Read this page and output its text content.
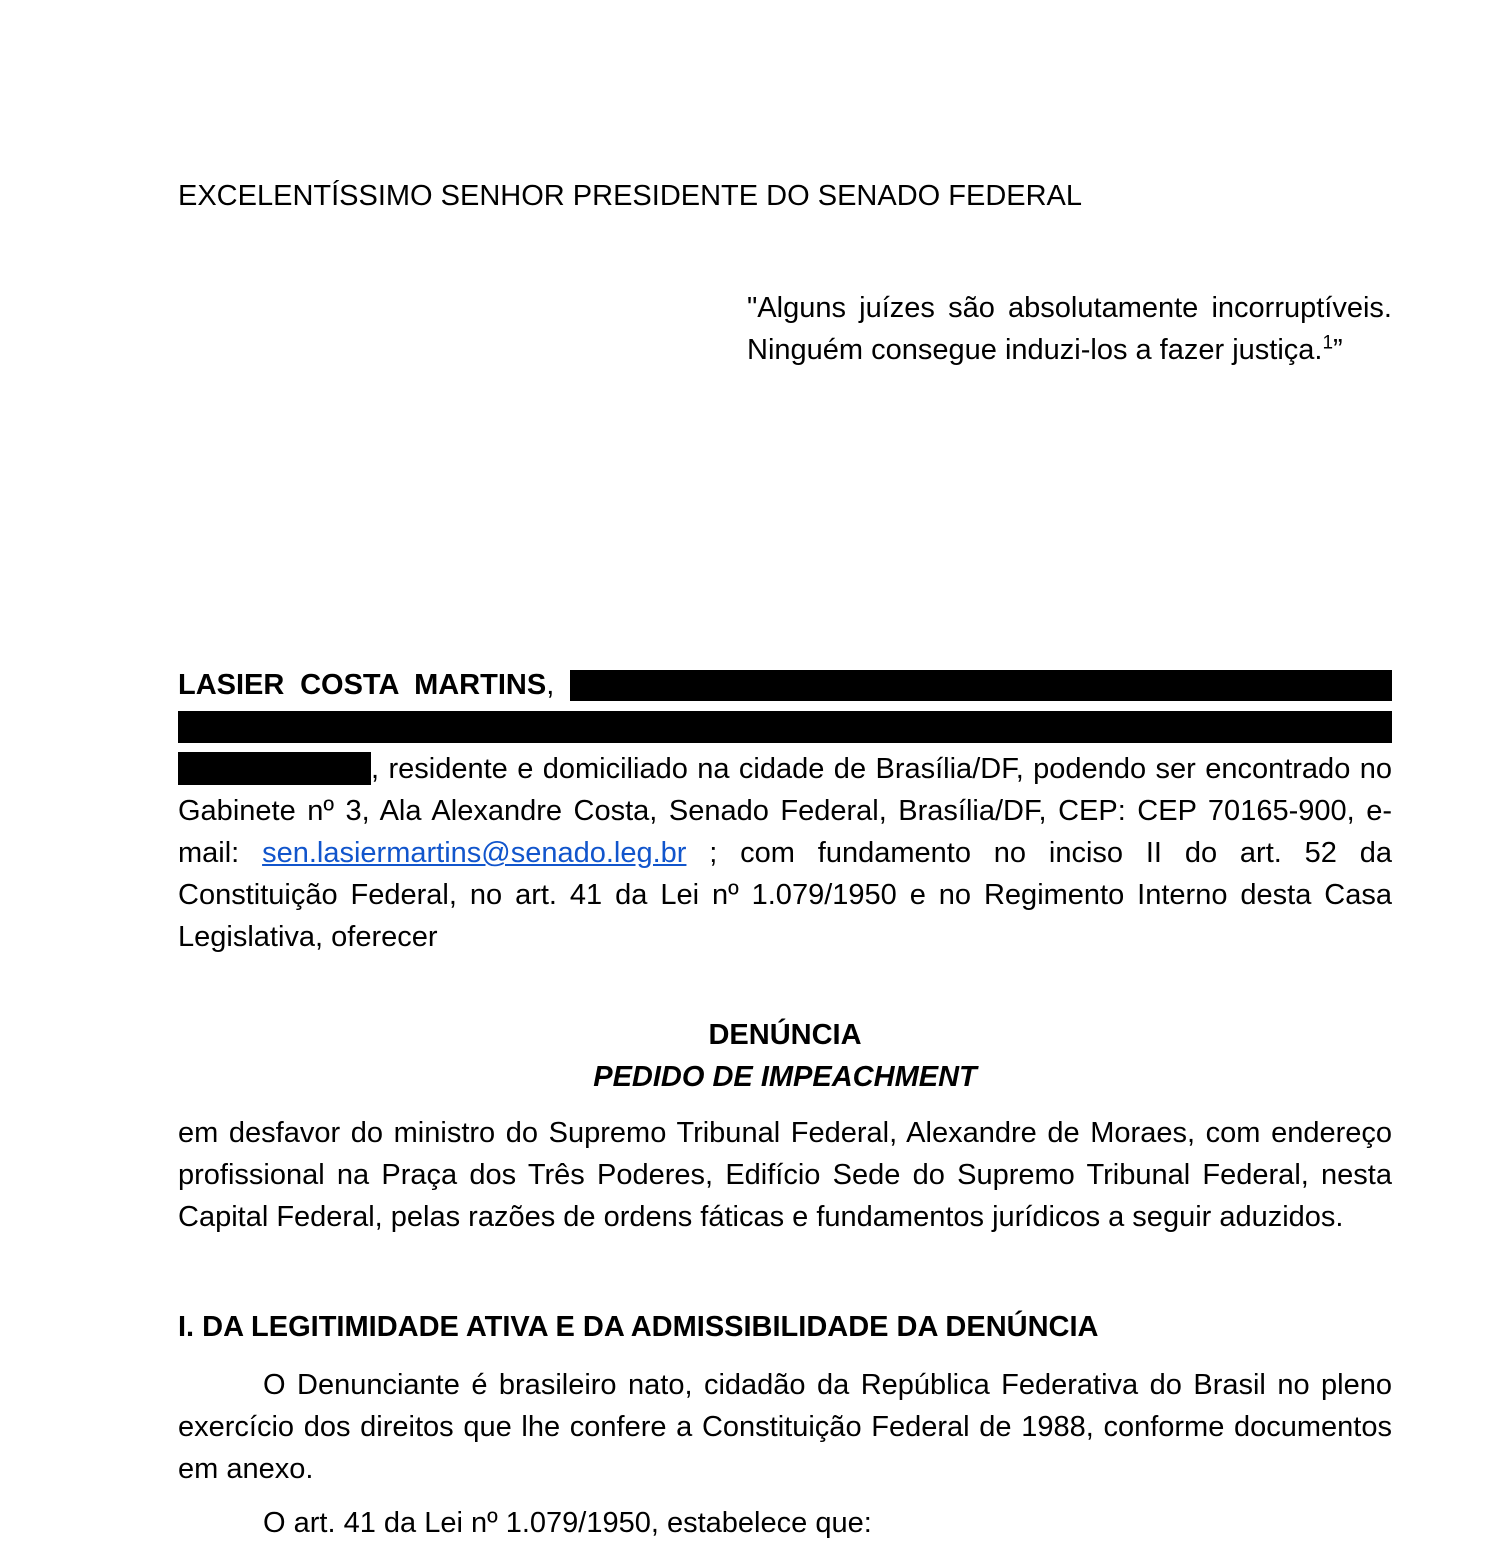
EXCELENTÍSSIMO SENHOR PRESIDENTE DO SENADO FEDERAL

"Alguns juízes são absolutamente incorruptíveis. Ninguém consegue induzi-los a fazer justiça.$^1$”

LASIER COSTA MARTINS,   , residente e domiciliado na cidade de Brasília/DF, podendo ser encontrado no Gabinete nº 3, Ala Alexandre Costa, Senado Federal, Brasília/DF, CEP: CEP 70165-900, e-mail: sen.lasiermartins@senado.leg.br ; com fundamento no inciso II do art. 52 da Constituição Federal, no art. 41 da Lei nº 1.079/1950 e no Regimento Interno desta Casa Legislativa, oferecer

DENÚNCIA

PEDIDO DE IMPEACHMENT

em desfavor do ministro do Supremo Tribunal Federal, Alexandre de Moraes, com endereço profissional na Praça dos Três Poderes, Edifício Sede do Supremo Tribunal Federal, nesta Capital Federal, pelas razões de ordens fáticas e fundamentos jurídicos a seguir aduzidos.

I. DA LEGITIMIDADE ATIVA E DA ADMISSIBILIDADE DA DENÚNCIA

O Denunciante é brasileiro nato, cidadão da República Federativa do Brasil no pleno exercício dos direitos que lhe confere a Constituição Federal de 1988, conforme documentos em anexo.

O art. 41 da Lei nº 1.079/1950, estabelece que:
